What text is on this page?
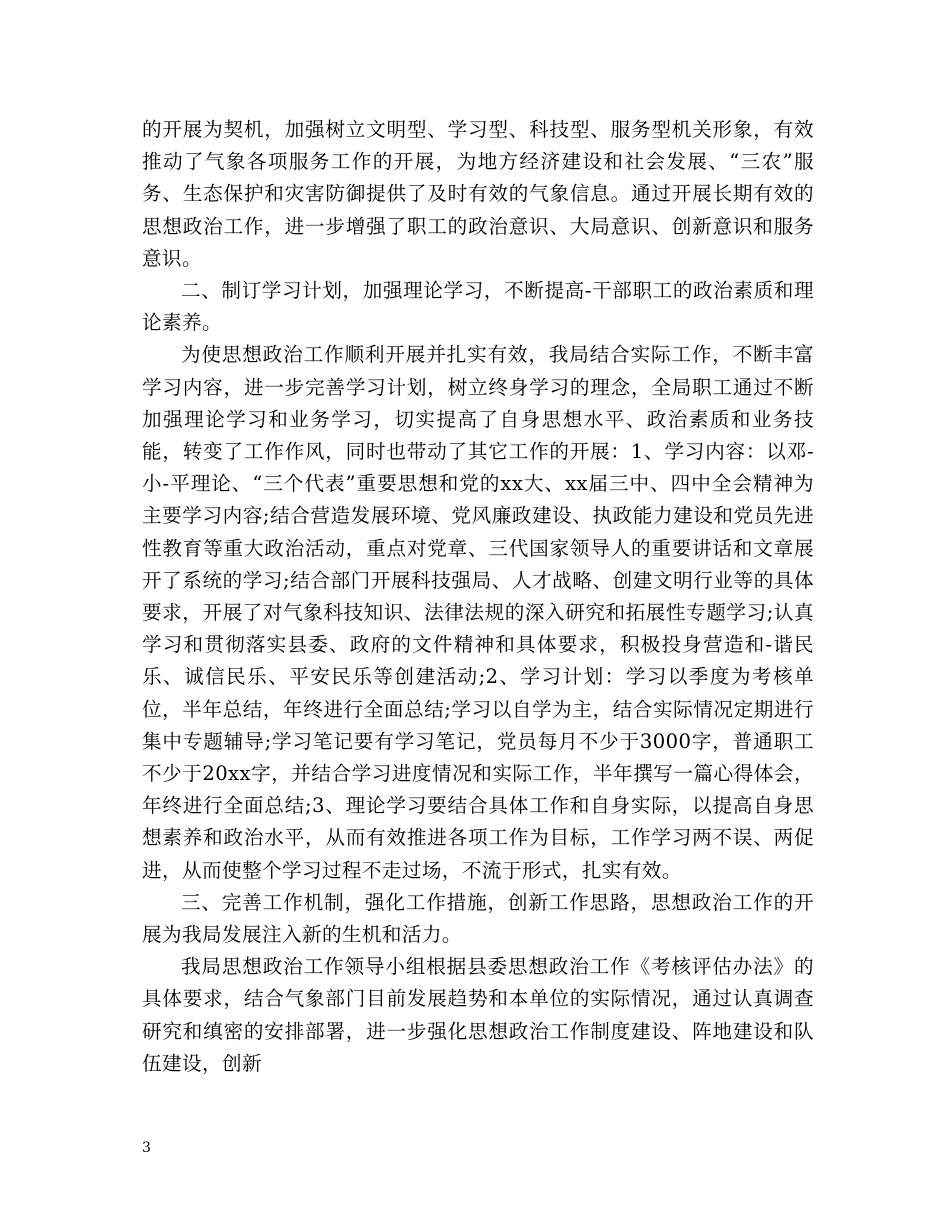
的开展为契机，加强树立文明型、学习型、科技型、服务型机关形象，有效推动了气象各项服务工作的开展，为地方经济建设和社会发展、“三农”服务、生态保护和灾害防御提供了及时有效的气象信息。通过开展长期有效的思想政治工作，进一步增强了职工的政治意识、大局意识、创新意识和服务意识。

二、制订学习计划，加强理论学习，不断提高-干部职工的政治素质和理论素养。

为使思想政治工作顺利开展并扎实有效，我局结合实际工作，不断丰富学习内容，进一步完善学习计划，树立终身学习的理念，全局职工通过不断加强理论学习和业务学习，切实提高了自身思想水平、政治素质和业务技能，转变了工作作风，同时也带动了其它工作的开展：1、学习内容：以邓-小-平理论、“三个代表”重要思想和党的xx大、xx届三中、四中全会精神为主要学习内容;结合营造发展环境、党风廉政建设、执政能力建设和党员先进性教育等重大政治活动，重点对党章、三代国家领导人的重要讲话和文章展开了系统的学习;结合部门开展科技强局、人才战略、创建文明行业等的具体要求，开展了对气象科技知识、法律法规的深入研究和拓展性专题学习;认真学习和贯彻落实县委、政府的文件精神和具体要求，积极投身营造和-谐民乐、诚信民乐、平安民乐等创建活动;2、学习计划：学习以季度为考核单位，半年总结，年终进行全面总结;学习以自学为主，结合实际情况定期进行集中专题辅导;学习笔记要有学习笔记，党员每月不少于3000字，普通职工不少于20xx字，并结合学习进度情况和实际工作，半年撰写一篇心得体会，年终进行全面总结;3、理论学习要结合具体工作和自身实际，以提高自身思想素养和政治水平，从而有效推进各项工作为目标，工作学习两不误、两促进，从而使整个学习过程不走过场，不流于形式，扎实有效。

三、完善工作机制，强化工作措施，创新工作思路，思想政治工作的开展为我局发展注入新的生机和活力。

我局思想政治工作领导小组根据县委思想政治工作《考核评估办法》的具体要求，结合气象部门目前发展趋势和本单位的实际情况，通过认真调查研究和缜密的安排部署，进一步强化思想政治工作制度建设、阵地建设和队伍建设，创新

3
